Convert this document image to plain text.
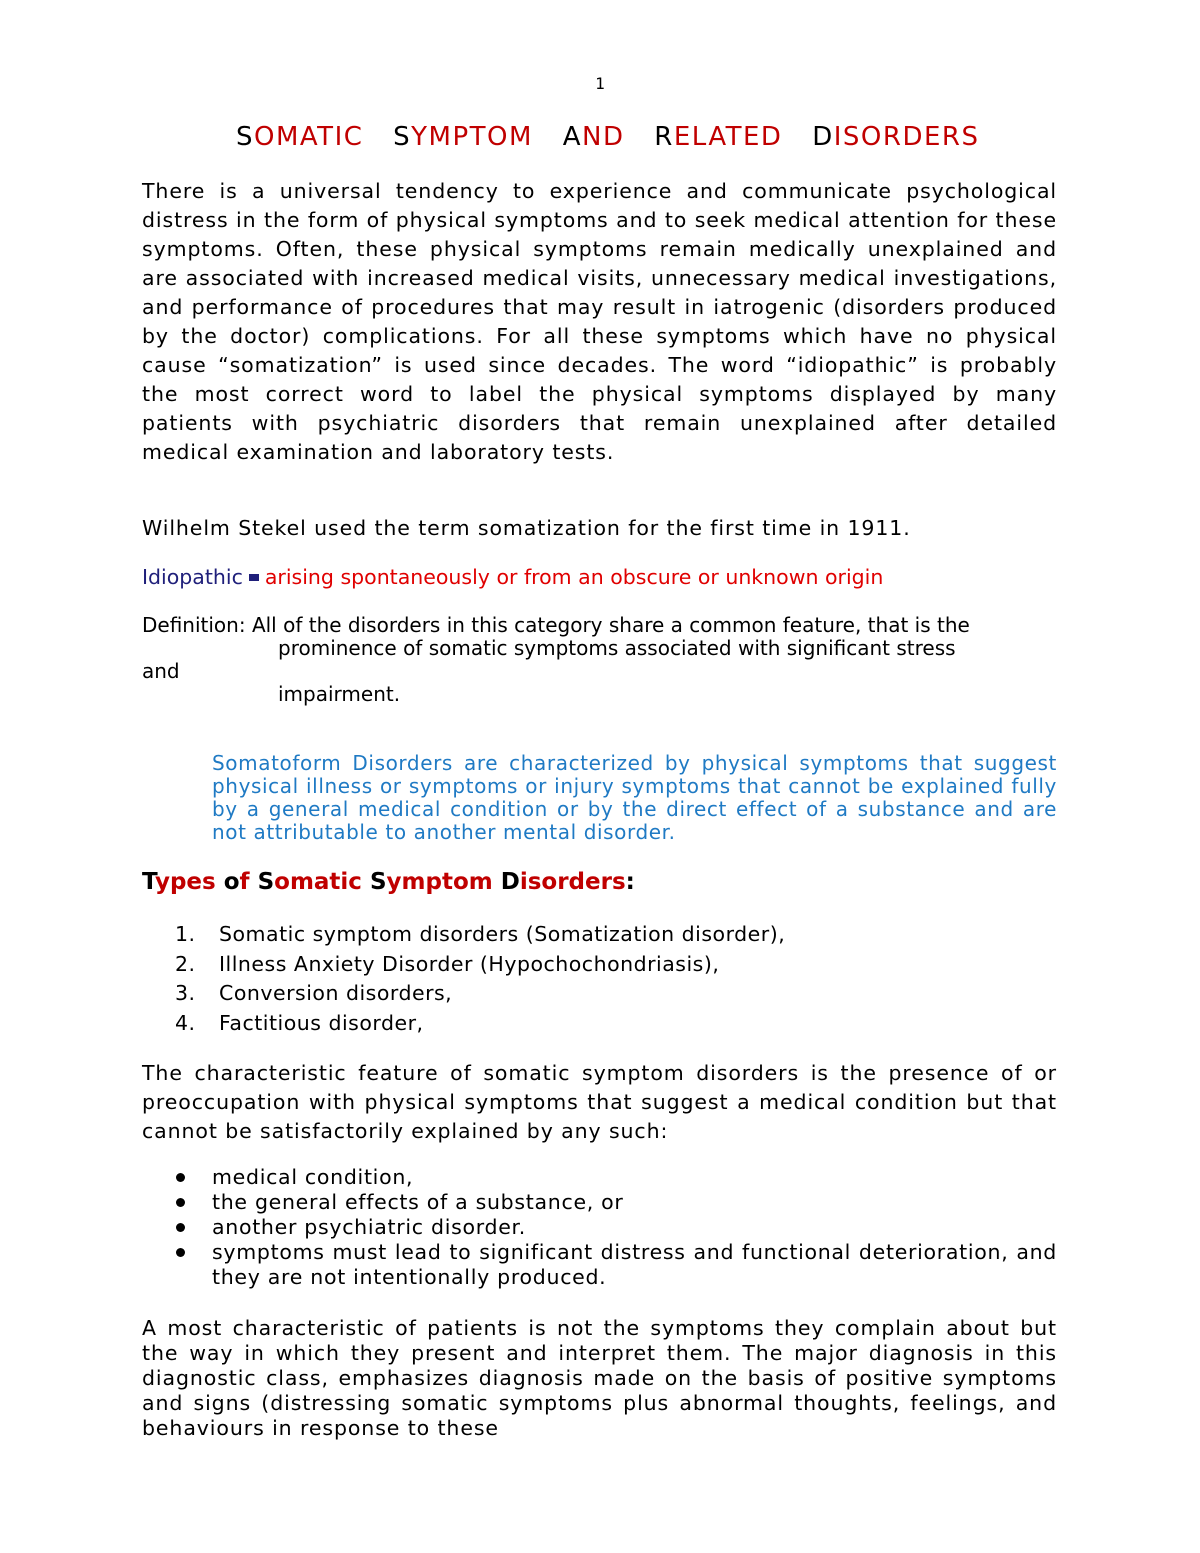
1
SOMATIC SYMPTOM AND RELATED DISORDERS

There is a universal tendency to experience and communicate psychological distress in the form of physical symptoms and to seek medical attention for these symptoms. Often, these physical symptoms remain medically unexplained and are associated with increased medical visits, unnecessary medical investigations, and performance of procedures that may result in iatrogenic (disorders produced by the doctor) complications. For all these symptoms which have no physical cause “somatization” is used since decades. The word “idiopathic” is probably the most correct word to label the physical symptoms displayed by many patients with psychiatric disorders that remain unexplained after detailed medical examination and laboratory tests.

Wilhelm Stekel used the term somatization for the first time in 1911.

Idiopathic arising spontaneously or from an obscure or unknown origin
Definition: All of the disorders in this category share a common feature, that is the
prominence of somatic symptoms associated with significant stress
and
impairment.

Somatoform Disorders are characterized by physical symptoms that suggest physical illness or symptoms or injury symptoms that cannot be explained fully by a general medical condition or by the direct effect of a substance and are not attributable to another mental disorder.

Types of Somatic Symptom Disorders:
1. Somatic symptom disorders (Somatization disorder),
2. Illness Anxiety Disorder (Hypochochondriasis),
3. Conversion disorders,
4. Factitious disorder,

The characteristic feature of somatic symptom disorders is the presence of or preoccupation with physical symptoms that suggest a medical condition but that cannot be satisfactorily explained by any such:

medical condition,
the general effects of a substance, or
another psychiatric disorder.
symptoms must lead to significant distress and functional deterioration, and they are not intentionally produced.

A most characteristic of patients is not the symptoms they complain about but the way in which they present and interpret them. The major diagnosis in this diagnostic class, emphasizes diagnosis made on the basis of positive symptoms and signs (distressing somatic symptoms plus abnormal thoughts, feelings, and behaviours in response to these
